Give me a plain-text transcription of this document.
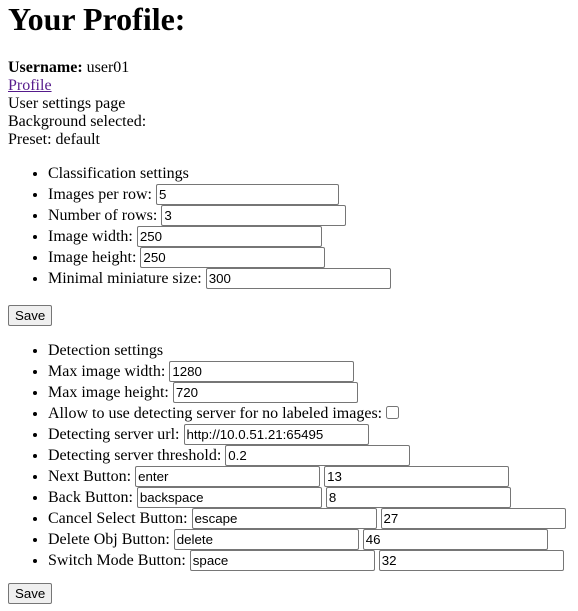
Your Profile:
Username: user01
Profile
User settings page
Background selected:
Preset: default
• Classification settings
• Images per row: 5
• Number of rows: 3
• Image width: 250
• Image height: 250
• Minimal miniature size: 300
Save
• Detection settings
• Max image width: 1280
• Max image height: 720
• Allow to use detecting server for no labeled images:
• Detecting server url: http://10.0.51.21:65495
• Detecting server threshold: 0.2
• Next Button: enter 13
• Back Button: backspace 8
• Cancel Select Button: escape 27
• Delete Obj Button: delete 46
• Switch Mode Button: space 32
Save
